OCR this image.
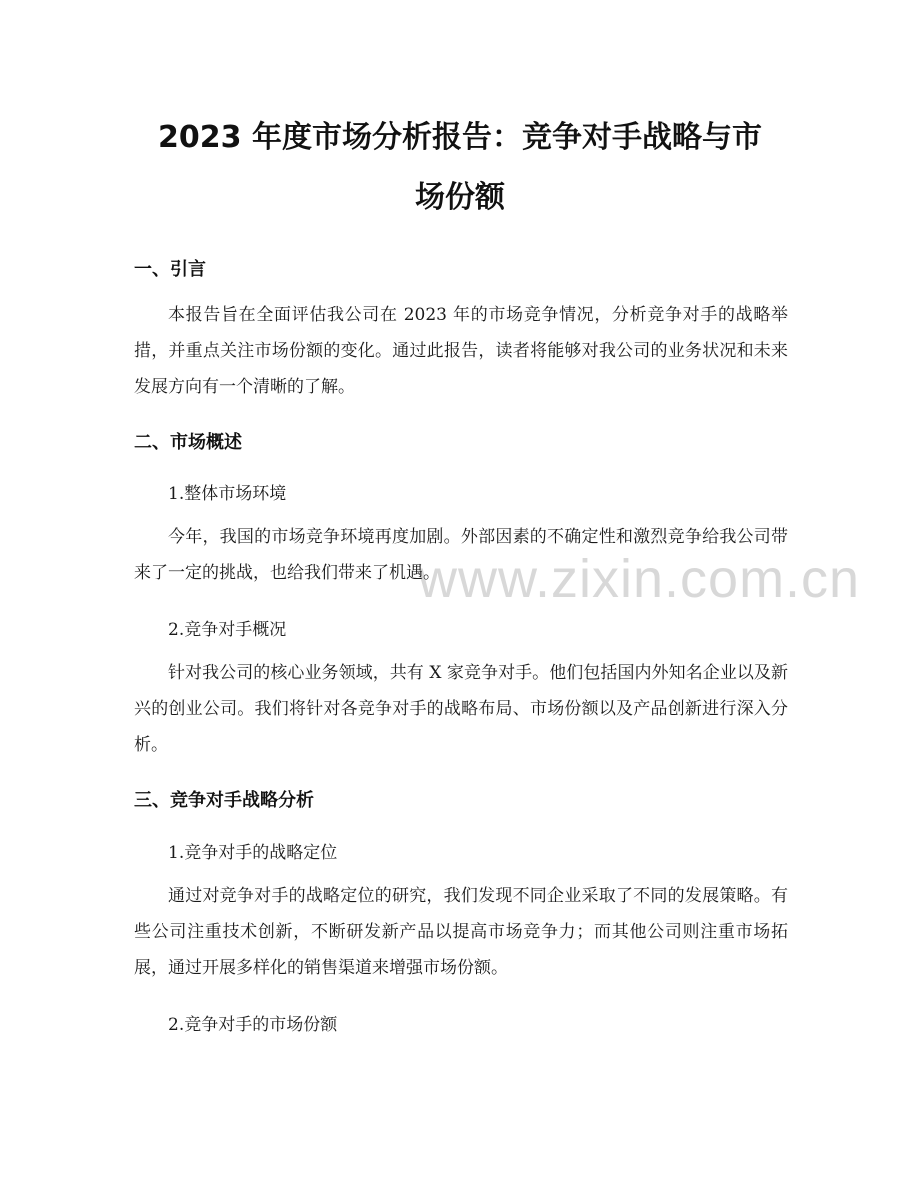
www.zixin.com.cn
2023 年度市场分析报告：竞争对手战略与市
场份额
一、引言
本报告旨在全面评估我公司在 2023 年的市场竞争情况，分析竞争对手的战略举措，并重点关注市场份额的变化。通过此报告，读者将能够对我公司的业务状况和未来发展方向有一个清晰的了解。
二、市场概述
1.整体市场环境
今年，我国的市场竞争环境再度加剧。外部因素的不确定性和激烈竞争给我公司带来了一定的挑战，也给我们带来了机遇。
2.竞争对手概况
针对我公司的核心业务领域，共有 X 家竞争对手。他们包括国内外知名企业以及新兴的创业公司。我们将针对各竞争对手的战略布局、市场份额以及产品创新进行深入分析。
三、竞争对手战略分析
1.竞争对手的战略定位
通过对竞争对手的战略定位的研究，我们发现不同企业采取了不同的发展策略。有些公司注重技术创新，不断研发新产品以提高市场竞争力；而其他公司则注重市场拓展，通过开展多样化的销售渠道来增强市场份额。
2.竞争对手的市场份额
